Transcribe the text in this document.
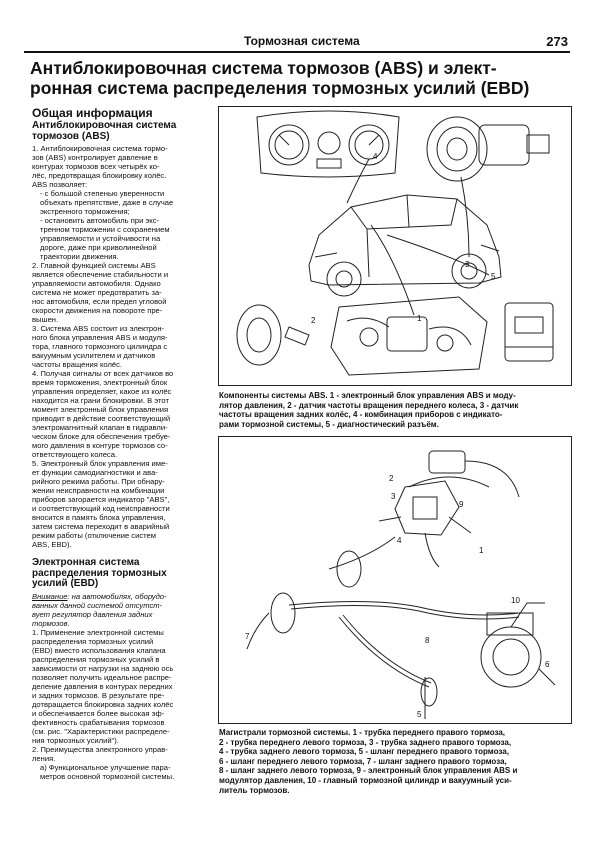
Тормозная система	273
Антиблокировочная система тормозов (ABS) и элект-
ронная система распределения тормозных усилий (EBD)
Общая информация
Антиблокировочная система
тормозов (ABS)

1. Антиблокировочная система тормо-
зов (ABS) контролирует давление в
контурах тормозов всех четырёх ко-
лёс, предотвращая блокировку колёс.
ABS позволяет:

- с большой степенью уверенности
объехать препятствие, даже в случае
экстренного торможения;

- остановить автомобиль при экс-
тренном торможении с сохранением
управляемости и устойчивости на
дороге, даже при криволинейной
траектории движения.

2. Главной функцией системы ABS
является обеспечение стабильности и
управляемости автомобиля. Однако
система не может предотвратить за-
нос автомобиля, если предел угловой
скорости движения на повороте пре-
вышен.

3. Система ABS состоит из электрон-
ного блока управления ABS и модуля-
тора, главного тормозного цилиндра с
вакуумным усилителем и датчиков
частоты вращения колёс.

4. Получая сигналы от всех датчиков во
время торможения, электронный блок
управления определяет, какое из колёс
находится на грани блокировки. В этот
момент электронный блок управления
приводит в действие соответствующий
электромагнитный клапан в гидравли-
ческом блоке для обеспечения требуе-
мого давления в контуре тормозов со-
ответствующего колеса.

5. Электронный блок управления име-
ет функции самодиагностики и ава-
рийного режима работы. При обнару-
жении неисправности на комбинации
приборов загорается индикатор "ABS",
и соответствующий код неисправности
вносится в память блока управления,
затем система переходит в аварийный
режим работы (отключение систем
ABS, EBD).

Электронная система
распределения тормозных
усилий (EBD)

Внимание: на автомобилях, оборудо-
ванных данной системой отсутст-
вует регулятор давления задних
тормозов.

1. Применение электронной системы
распределения тормозных усилий
(EBD) вместо использования клапана
распределения тормозных усилий в
зависимости от нагрузки на заднюю ось
позволяет получить идеальное распре-
деление давления в контурах передних
и задних тормозов. В результате пре-
дотвращается блокировка задних колёс
и обеспечивается более высокая эф-
фективность срабатывания тормозов
(см. рис. "Характеристики распределе-
ния тормозных усилий").

2. Преимущества электронного управ-
ления.

а) Функциональное улучшение пара-
метров основной тормозной системы.

4
1
3
5
2
Компоненты системы ABS. 1 - электронный блок управления ABS и моду-
лятор давления, 2 - датчик частоты вращения переднего колеса, 3 - датчик
частоты вращения задних колёс, 4 - комбинация приборов с индикато-
рами тормозной системы, 5 - диагностический разъём.
2
3
4
9
1
7	8
10
6
5
Магистрали тормозной системы. 1 - трубка переднего правого тормоза,
2 - трубка переднего левого тормоза, 3 - трубка заднего правого тормоза,
4 - трубка заднего левого тормоза, 5 - шланг переднего правого тормоза,
6 - шланг переднего левого тормоза, 7 - шланг заднего правого тормоза,
8 - шланг заднего левого тормоза, 9 - электронный блок управления ABS и
модулятор давления, 10 - главный тормозной цилиндр и вакуумный уси-
литель тормозов.
